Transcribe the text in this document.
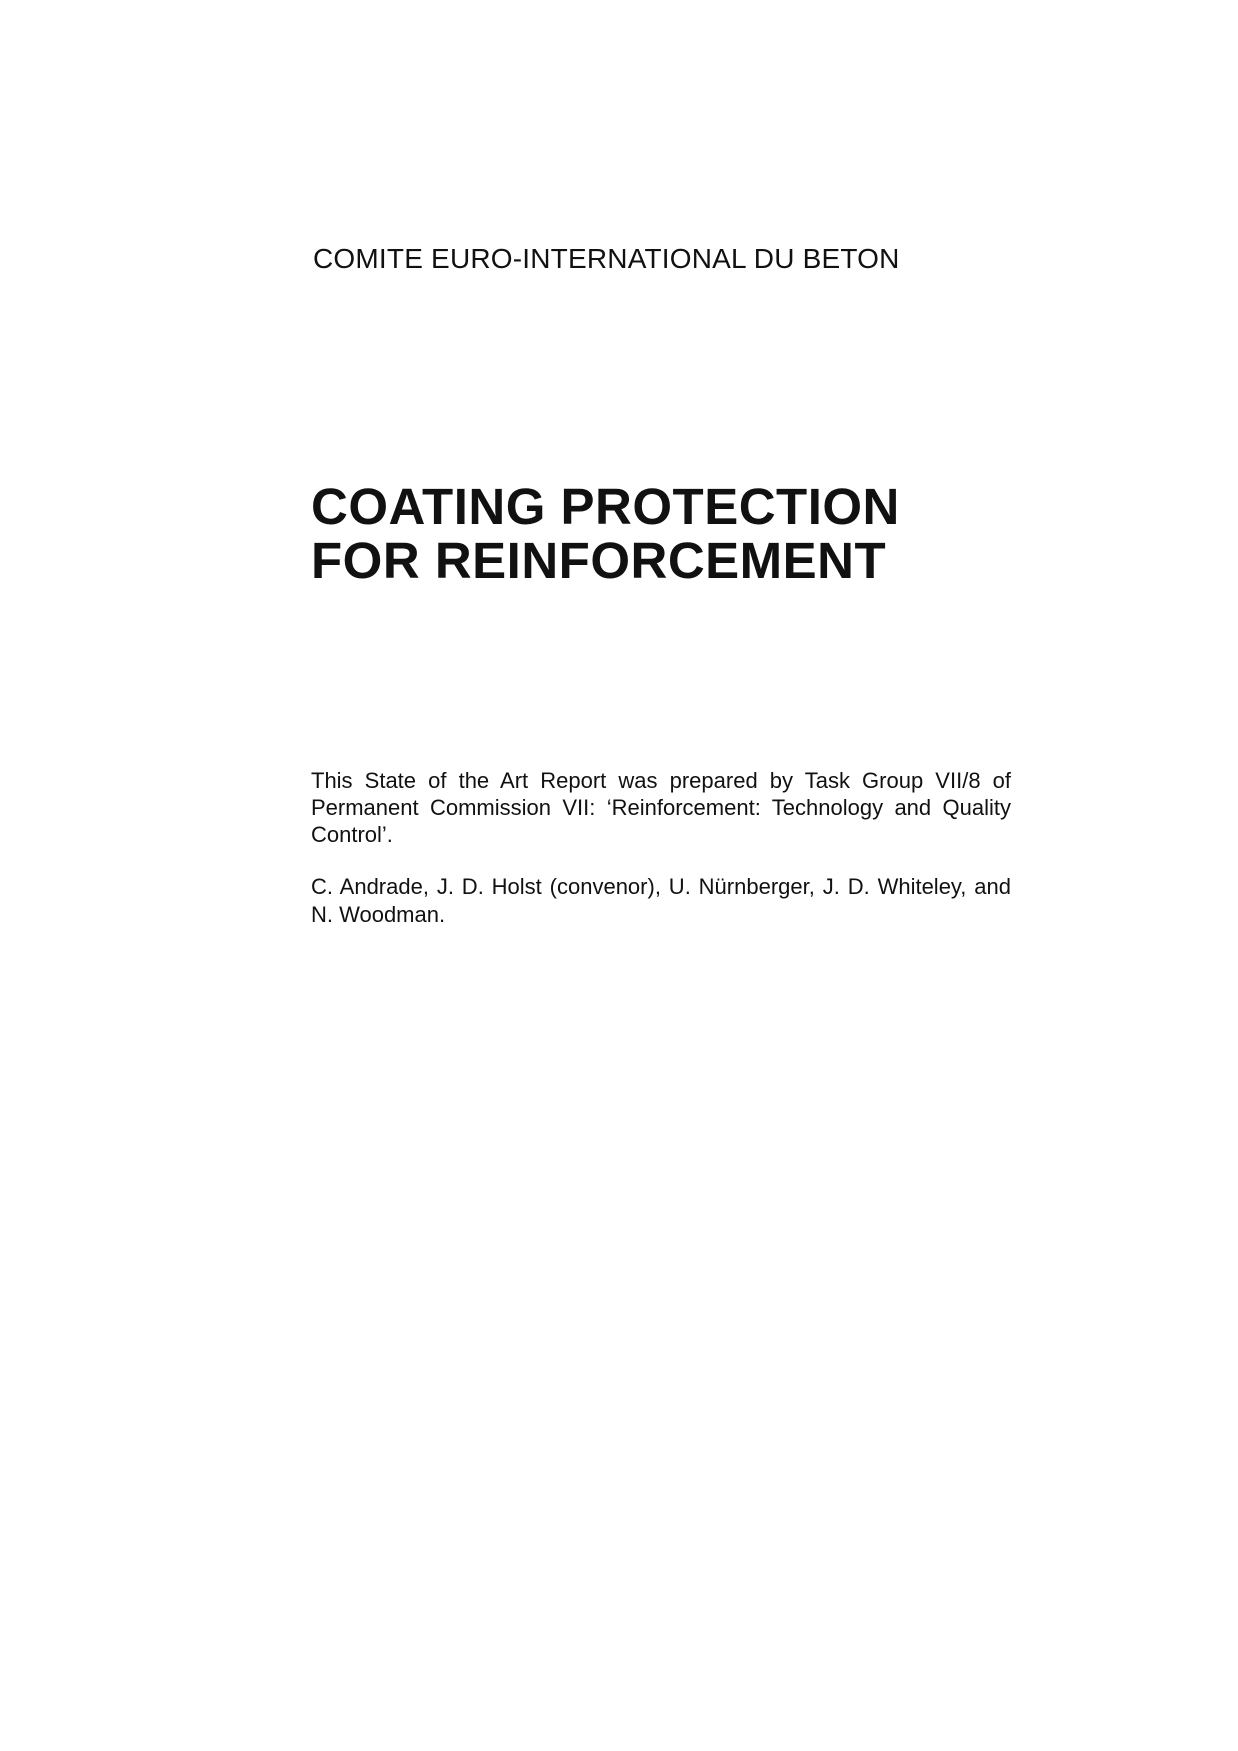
COMITE EURO-INTERNATIONAL DU BETON

COATING PROTECTION
FOR REINFORCEMENT

This State of the Art Report was prepared by Task Group VII/8 of Permanent Commission VII: ‘Reinforcement: Technology and Quality Control’.

C. Andrade, J. D. Holst (convenor), U. Nürnberger, J. D. Whiteley, and N. Woodman.
